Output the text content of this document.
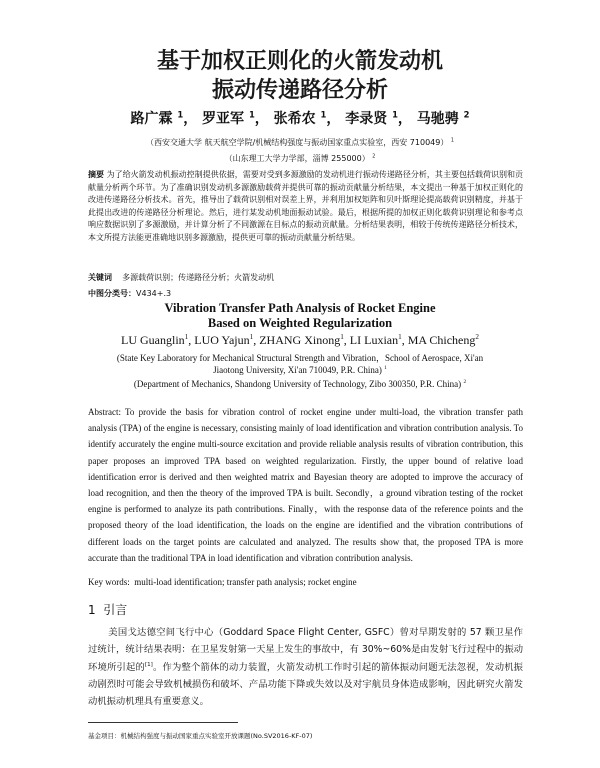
基于加权正则化的火箭发动机
振动传递路径分析
路广霖 $^1$， 罗亚军 $^1$， 张希农 $^1$， 李录贤 $^1$， 马驰骋 $^2$
（西安交通大学 航天航空学院/机械结构强度与振动国家重点实验室，西安 710049） $^1$
（山东理工大学力学部，淄博 255000） $^2$
摘要 为了给火箭发动机振动控制提供依据，需要对受到多源激励的发动机进行振动传递路径分析，其主要包括载荷识别和贡献量分析两个环节。为了准确识别发动机多源激励载荷并提供可靠的振动贡献量分析结果，本文提出一种基于加权正则化的改进传递路径分析技术。首先，推导出了载荷识别相对误差上界，并利用加权矩阵和贝叶斯理论提高载荷识别精度，并基于此提出改进的传递路径分析理论。然后，进行某发动机地面振动试验。最后，根据所提的加权正则化载荷识别理论和参考点响应数据识别了多源激励，并计算分析了不同激源在目标点的振动贡献量。分析结果表明，相较于传统传递路径分析技术，本文所提方法能更准确地识别多源激励，提供更可靠的振动贡献量分析结果。
关键词 多源载荷识别；传递路径分析；火箭发动机
中图分类号：V434+.3
Vibration Transfer Path Analysis of Rocket Engine
Based on Weighted Regularization
LU Guanglin$^1$, LUO Yajun$^1$, ZHANG Xinong$^1$, LI Luxian$^1$, MA Chicheng$^2$
(State Key Laboratory for Mechanical Structural Strength and Vibration，School of Aerospace, Xi'an
Jiaotong University, Xi'an 710049, P.R. China) $^1$
(Department of Mechanics, Shandong University of Technology, Zibo 300350, P.R. China) $^2$
Abstract: To provide the basis for vibration control of rocket engine under multi-load, the vibration transfer path analysis (TPA) of the engine is necessary, consisting mainly of load identification and vibration contribution analysis. To identify accurately the engine multi-source excitation and provide reliable analysis results of vibration contribution, this paper proposes an improved TPA based on weighted regularization. Firstly, the upper bound of relative load identification error is derived and then weighted matrix and Bayesian theory are adopted to improve the accuracy of load recognition, and then the theory of the improved TPA is built. Secondly，a ground vibration testing of the rocket engine is performed to analyze its path contributions. Finally，with the response data of the reference points and the proposed theory of the load identification, the loads on the engine are identified and the vibration contributions of different loads on the target points are calculated and analyzed. The results show that, the proposed TPA is more accurate than the traditional TPA in load identification and vibration contribution analysis.
Key words: multi-load identification; transfer path analysis; rocket engine
1 引言
美国戈达德空间飞行中心（Goddard Space Flight Center, GSFC）曾对早期发射的 57 颗卫星作过统计，统计结果表明：在卫星发射第一天星上发生的事故中，有 30%~60%是由发射飞行过程中的振动环境所引起的[1]。作为整个箭体的动力装置，火箭发动机工作时引起的箭体振动问题无法忽视，发动机振动剧烈时可能会导致机械损伤和破坏、产品功能下降或失效以及对宇航员身体造成影响，因此研究火箭发动机振动机理具有重要意义。
基金项目：机械结构强度与振动国家重点实验室开放课题(No.SV2016-KF-07)
